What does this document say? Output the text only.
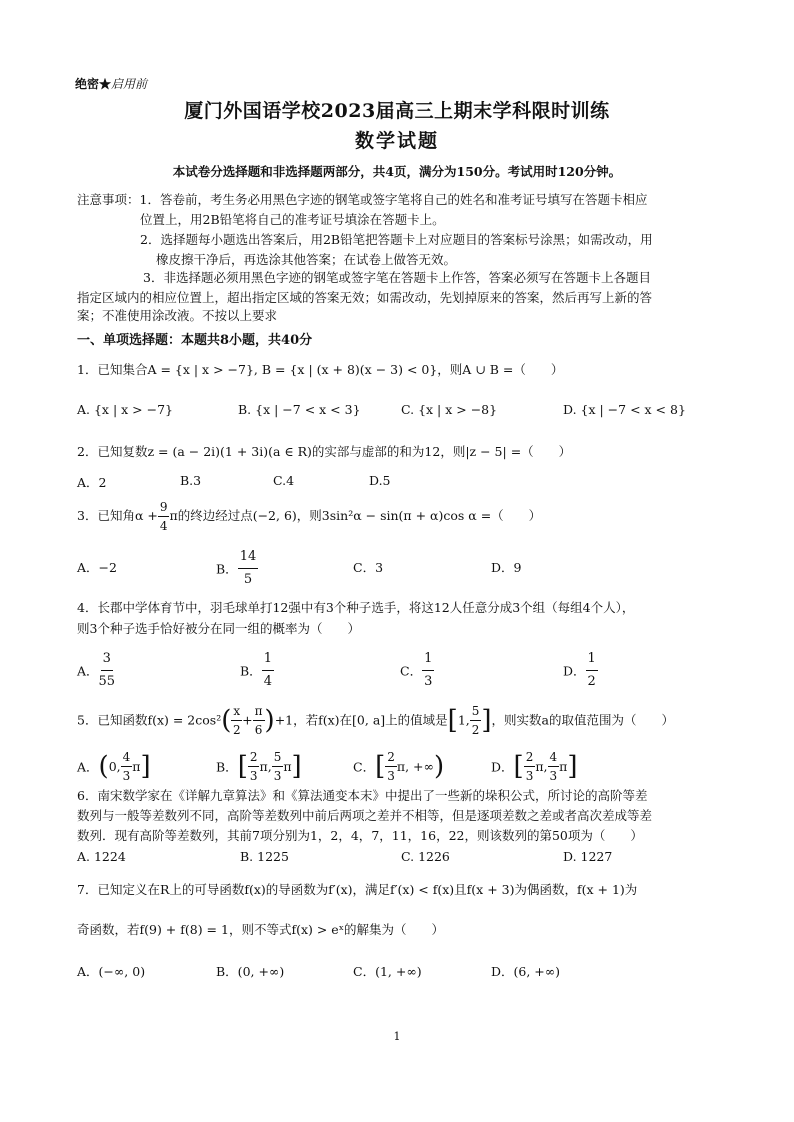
绝密★启用前
厦门外国语学校2023届高三上期末学科限时训练
数学试题
本试卷分选择题和非选择题两部分，共4页，满分为150分。考试用时120分钟。
注意事项：1．答卷前，考生务必用黑色字迹的钢笔或签字笔将自己的姓名和准考证号填写在答题卡相应
位置上，用2B铅笔将自己的准考证号填涂在答题卡上。
2．选择题每小题选出答案后，用2B铅笔把答题卡上对应题目的答案标号涂黑；如需改动，用
橡皮擦干净后，再选涂其他答案；在试卷上做答无效。
3．非选择题必须用黑色字迹的钢笔或签字笔在答题卡上作答，答案必须写在答题卡上各题目
指定区域内的相应位置上，超出指定区域的答案无效；如需改动，先划掉原来的答案，然后再写上新的答
案；不准使用涂改液。不按以上要求
一、单项选择题：本题共8小题，共40分
1．已知集合A = {x | x > −7}, B = {x | (x + 8)(x − 3) < 0}，则A ∪ B =（　　）
A. {x | x > −7}	B. {x | −7 < x < 3}	C. {x | x > −8}	D. {x | −7 < x < 8}
2．已知复数z = (a − 2i)(1 + 3i)(a ∈ R)的实部与虚部的和为12，则|z − 5| =（　　）
A．2	B.3	C.4	D.5
3．已知角$\alpha + \frac{9}{4}$ π的终边经过点(−2, 6)，则3sin²α − sin(π + α)cos α =（　　）
A．−2	B． $\frac{14}{5}$	C．3	D．9
4．长郡中学体育节中，羽毛球单打12强中有3个种子选手，将这12人任意分成3个组（每组4个人），
则3个种子选手恰好被分在同一组的概率为（　　）
A． $\frac{3}{55}$	B． $\frac{1}{4}$	C． $\frac{1}{3}$	D． $\frac{1}{2}$
5．已知函数$f(x) = 2\cos^2( \frac{x}{2} + \frac{\pi}{6} )+1$，若f(x)在[0, a]上的值域是[1, $\frac{5}{2}$ ]，则实数a的取值范围为（　　）
A．(0, $\frac{4}{3} \pi$]	B．[ $\frac{2}{3} \pi$, $\frac{5}{3} \pi$]	C．[ $\frac{2}{3} \pi$, +∞)	D．[ $\frac{2}{3} \pi$, $\frac{4}{3} \pi$]
6．南宋数学家在《详解九章算法》和《算法通变本末》中提出了一些新的垛积公式，所讨论的高阶等差
数列与一般等差数列不同，高阶等差数列中前后两项之差并不相等，但是逐项差数之差或者高次差成等差
数列．现有高阶等差数列，其前7项分别为1，2，4，7，11，16，22，则该数列的第50项为（　　）
A. 1224	B. 1225	C. 1226	D. 1227
7．已知定义在R上的可导函数f(x)的导函数为f′(x)，满足f′(x) < f(x)且f(x + 3)为偶函数，f(x + 1)为
奇函数，若f(9) + f(8) = 1，则不等式f(x) > eˣ的解集为（　　）
A．(−∞, 0)	B．(0, +∞)	C．(1, +∞)	D．(6, +∞)
1
